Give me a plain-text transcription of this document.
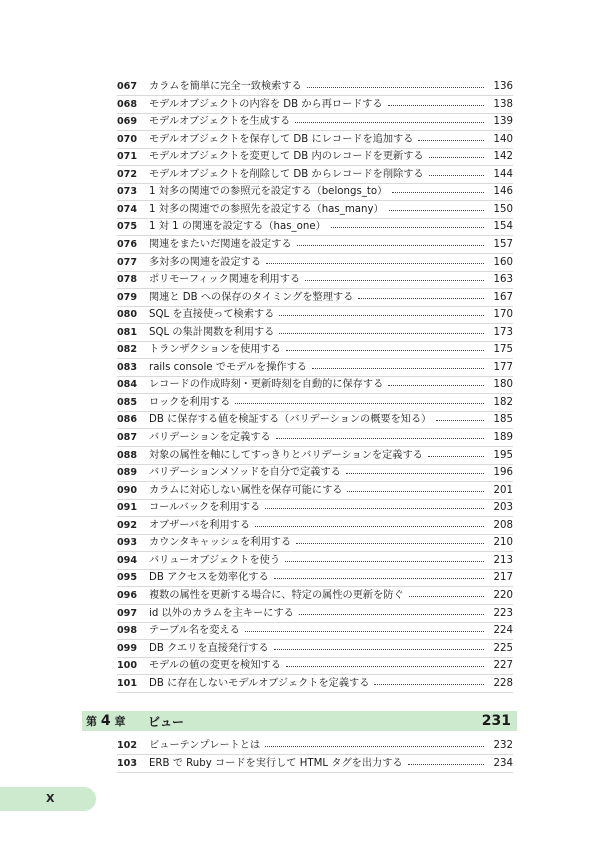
067	カラムを簡単に完全一致検索する	136
068	モデルオブジェクトの内容を DB から再ロードする	138
069	モデルオブジェクトを生成する	139
070	モデルオブジェクトを保存して DB にレコードを追加する	140
071	モデルオブジェクトを変更して DB 内のレコードを更新する	142
072	モデルオブジェクトを削除して DB からレコードを削除する	144
073	1 対多の関連での参照元を設定する（belongs_to）	146
074	1 対多の関連での参照先を設定する（has_many）	150
075	1 対 1 の関連を設定する（has_one）	154
076	関連をまたいだ関連を設定する	157
077	多対多の関連を設定する	160
078	ポリモーフィック関連を利用する	163
079	関連と DB への保存のタイミングを整理する	167
080	SQL を直接使って検索する	170
081	SQL の集計関数を利用する	173
082	トランザクションを使用する	175
083	rails console でモデルを操作する	177
084	レコードの作成時刻・更新時刻を自動的に保存する	180
085	ロックを利用する	182
086	DB に保存する値を検証する（バリデーションの概要を知る）	185
087	バリデーションを定義する	189
088	対象の属性を軸にしてすっきりとバリデーションを定義する	195
089	バリデーションメソッドを自分で定義する	196
090	カラムに対応しない属性を保存可能にする	201
091	コールバックを利用する	203
092	オブザーバを利用する	208
093	カウンタキャッシュを利用する	210
094	バリューオブジェクトを使う	213
095	DB アクセスを効率化する	217
096	複数の属性を更新する場合に、特定の属性の更新を防ぐ	220
097	id 以外のカラムを主キーにする	223
098	テーブル名を変える	224
099	DB クエリを直接発行する	225
100	モデルの値の変更を検知する	227
101	DB に存在しないモデルオブジェクトを定義する	228
第 4 章	ビュー	231
102	ビューテンプレートとは	232
103	ERB で Ruby コードを実行して HTML タグを出力する	234
X
